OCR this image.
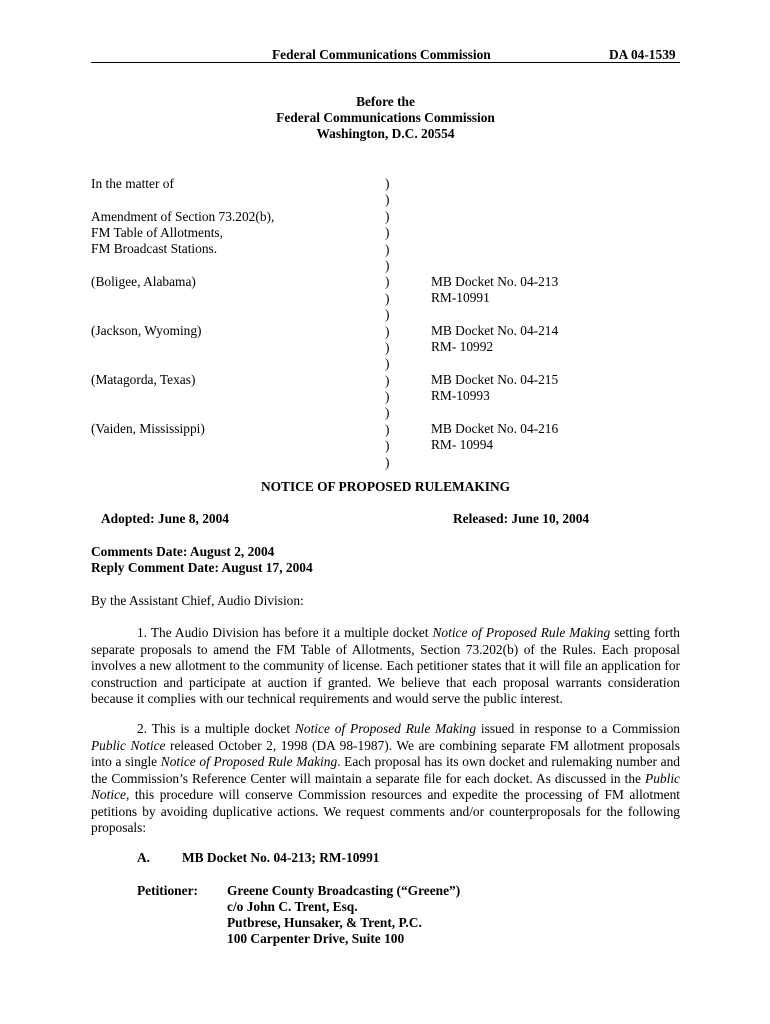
Federal Communications Commission	DA 04-1539
Before the
Federal Communications Commission
Washington, D.C. 20554
In the matter of
Amendment of Section 73.202(b),
FM Table of Allotments,
FM Broadcast Stations.
(Boligee, Alabama)
(Jackson, Wyoming)
(Matagorda, Texas)
(Vaiden, Mississippi)
)
)
)
)
)
)
)
)
)
)
)
)
)
)
)
)
)
)
MB Docket No. 04-213
RM-10991
MB Docket No. 04-214
RM- 10992
MB Docket No. 04-215
RM-10993
MB Docket No. 04-216
RM- 10994
NOTICE OF PROPOSED RULEMAKING
Adopted: June 8, 2004	Released: June 10, 2004
Comments Date: August 2, 2004
Reply Comment Date: August 17, 2004
By the Assistant Chief, Audio Division:
1. The Audio Division has before it a multiple docket Notice of Proposed Rule Making setting forth separate proposals to amend the FM Table of Allotments, Section 73.202(b) of the Rules. Each proposal involves a new allotment to the community of license. Each petitioner states that it will file an application for construction and participate at auction if granted. We believe that each proposal warrants consideration because it complies with our technical requirements and would serve the public interest.
2. This is a multiple docket Notice of Proposed Rule Making issued in response to a Commission Public Notice released October 2, 1998 (DA 98-1987). We are combining separate FM allotment proposals into a single Notice of Proposed Rule Making. Each proposal has its own docket and rulemaking number and the Commission’s Reference Center will maintain a separate file for each docket. As discussed in the Public Notice, this procedure will conserve Commission resources and expedite the processing of FM allotment petitions by avoiding duplicative actions. We request comments and/or counterproposals for the following proposals:
A. MB Docket No. 04-213; RM-10991
Petitioner: Greene County Broadcasting (“Greene”)
c/o John C. Trent, Esq.
Putbrese, Hunsaker, & Trent, P.C.
100 Carpenter Drive, Suite 100
